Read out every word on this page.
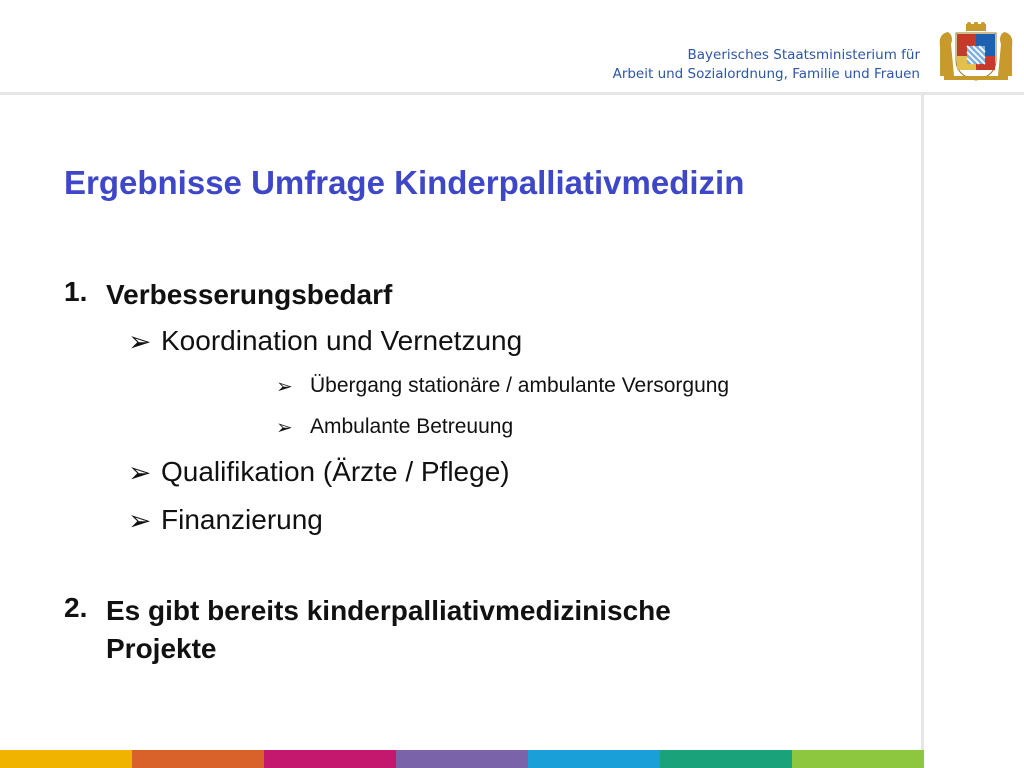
Bayerisches Staatsministerium für
Arbeit und Sozialordnung, Familie und Frauen
Ergebnisse Umfrage Kinderpalliativmedizin
1. Verbesserungsbedarf
➢ Koordination und Vernetzung
➢ Übergang stationäre / ambulante Versorgung
➢ Ambulante Betreuung
➢ Qualifikation (Ärzte / Pflege)
➢ Finanzierung
2. Es gibt bereits kinderpalliativmedizinische
Projekte
